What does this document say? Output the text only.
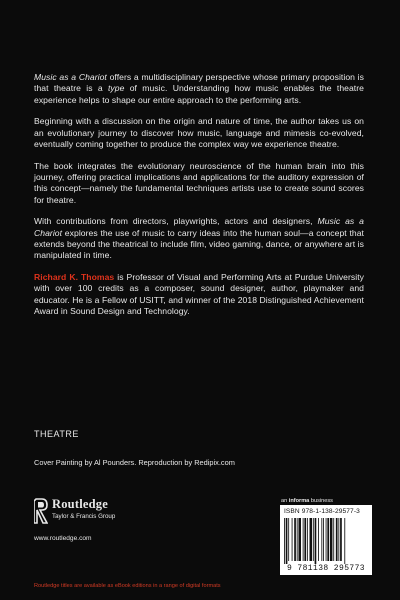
Music as a Chariot offers a multidisciplinary perspective whose primary proposition is that theatre is a type of music. Understanding how music enables the theatre experience helps to shape our entire approach to the performing arts.

Beginning with a discussion on the origin and nature of time, the author takes us on an evolutionary journey to discover how music, language and mimesis co-evolved, eventually coming together to produce the complex way we experience theatre.

The book integrates the evolutionary neuroscience of the human brain into this journey, offering practical implications and applications for the auditory expression of this concept—namely the fundamental techniques artists use to create sound scores for theatre.

With contributions from directors, playwrights, actors and designers, Music as a Chariot explores the use of music to carry ideas into the human soul—a concept that extends beyond the theatrical to include film, video gaming, dance, or anywhere art is manipulated in time.

Richard K. Thomas is Professor of Visual and Performing Arts at Purdue University with over 100 credits as a composer, sound designer, author, playmaker and educator. He is a Fellow of USITT, and winner of the 2018 Distinguished Achievement Award in Sound Design and Technology.

THEATRE
Cover Painting by Al Pounders. Reproduction by Redipix.com
Routledge
Taylor & Francis Group
www.routledge.com
an informa business
ISBN 978-1-138-29577-3
9 781138 295773
Routledge titles are available as eBook editions in a range of digital formats
